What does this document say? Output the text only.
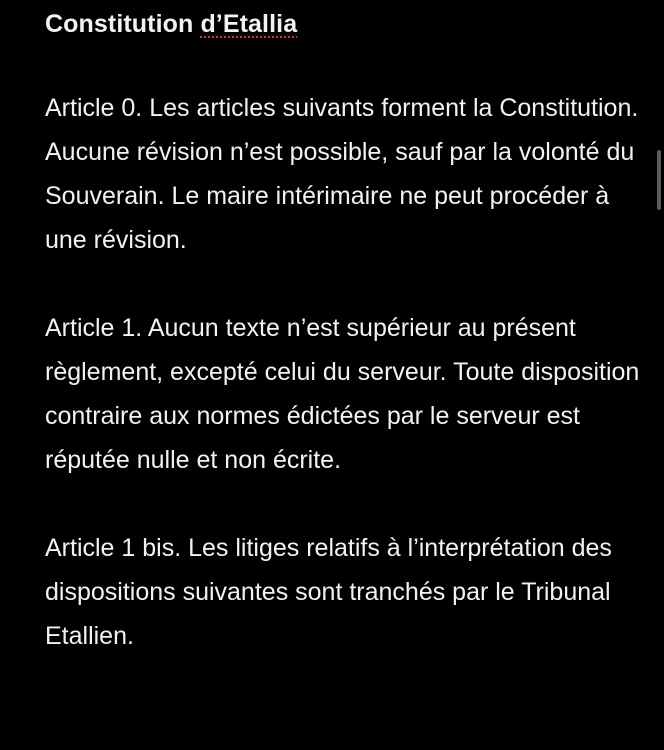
Constitution d’Etallia

Article 0. Les articles suivants forment la Constitution. Aucune révision n’est possible, sauf par la volonté du Souverain. Le maire intérimaire ne peut procéder à une révision.

Article 1. Aucun texte n’est supérieur au présent règlement, excepté celui du serveur. Toute disposition contraire aux normes édictées par le serveur est réputée nulle et non écrite.

Article 1 bis. Les litiges relatifs à l’interprétation des dispositions suivantes sont tranchés par le Tribunal Etallien.
